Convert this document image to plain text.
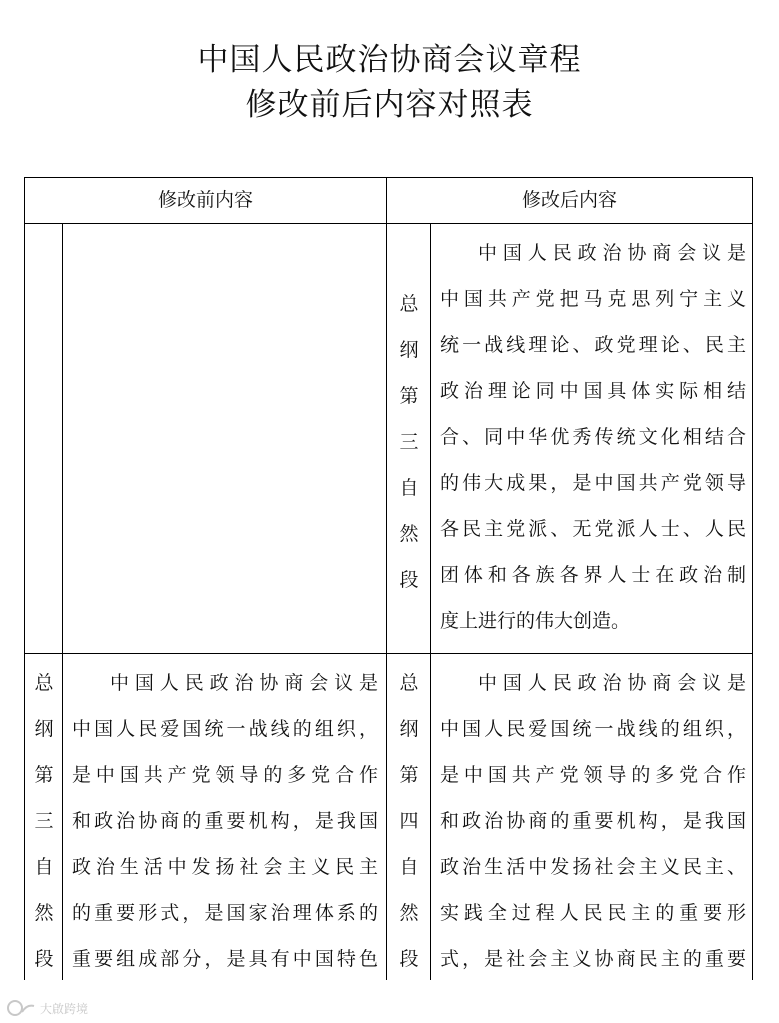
中国人民政治协商会议章程
修改前后内容对照表
修改前内容	修改后内容
总
纲
第
三
自
然
段
中国人民政治协商会议是
中国共产党把马克思列宁主义
统一战线理论、政党理论、民主
政治理论同中国具体实际相结
合、同中华优秀传统文化相结合
的伟大成果，是中国共产党领导
各民主党派、无党派人士、人民
团体和各族各界人士在政治制
度上进行的伟大创造。
总
纲
第
三
自
然
段
中国人民政治协商会议是
中国人民爱国统一战线的组织，
是中国共产党领导的多党合作
和政治协商的重要机构，是我国
政治生活中发扬社会主义民主
的重要形式，是国家治理体系的
重要组成部分，是具有中国特色
总
纲
第
四
自
然
段
中国人民政治协商会议是
中国人民爱国统一战线的组织，
是中国共产党领导的多党合作
和政治协商的重要机构，是我国
政治生活中发扬社会主义民主、
实践全过程人民民主的重要形
式，是社会主义协商民主的重要
大啟跨境
